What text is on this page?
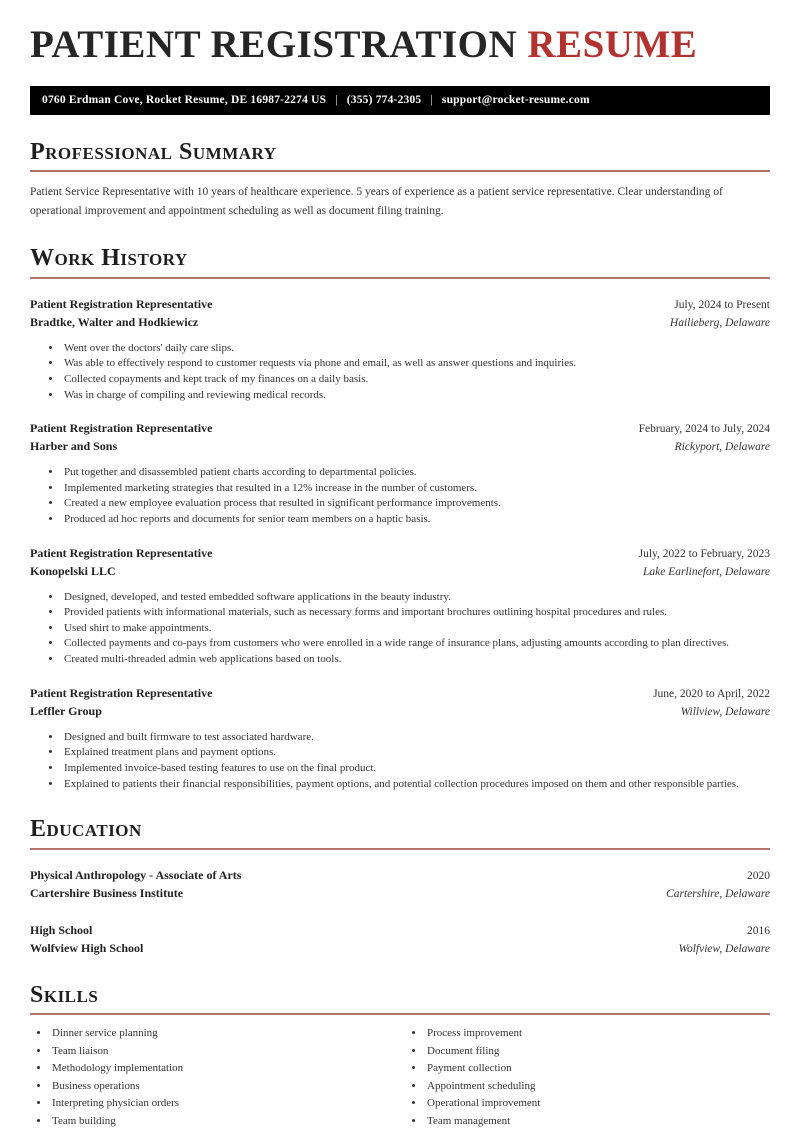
PATIENT REGISTRATION RESUME
0760 Erdman Cove, Rocket Resume, DE 16987-2274 US | (355) 774-2305 | support@rocket-resume.com
Professional Summary

Patient Service Representative with 10 years of healthcare experience. 5 years of experience as a patient service representative. Clear understanding of operational improvement and appointment scheduling as well as document filing training.

Work History
Patient Registration Representative	July, 2024 to Present
Bradtke, Walter and Hodkiewicz	Hailieberg, Delaware
• Went over the doctors' daily care slips.
• Was able to effectively respond to customer requests via phone and email, as well as answer questions and inquiries.
• Collected copayments and kept track of my finances on a daily basis.
• Was in charge of compiling and reviewing medical records.
Patient Registration Representative	February, 2024 to July, 2024
Harber and Sons	Rickyport, Delaware
• Put together and disassembled patient charts according to departmental policies.
• Implemented marketing strategies that resulted in a 12% increase in the number of customers.
• Created a new employee evaluation process that resulted in significant performance improvements.
• Produced ad hoc reports and documents for senior team members on a haptic basis.
Patient Registration Representative	July, 2022 to February, 2023
Konopelski LLC	Lake Earlinefort, Delaware
• Designed, developed, and tested embedded software applications in the beauty industry.
• Provided patients with informational materials, such as necessary forms and important brochures outlining hospital procedures and rules.
• Used shirt to make appointments.
• Collected payments and co-pays from customers who were enrolled in a wide range of insurance plans, adjusting amounts according to plan directives.
• Created multi-threaded admin web applications based on tools.
Patient Registration Representative	June, 2020 to April, 2022
Leffler Group	Willview, Delaware
• Designed and built firmware to test associated hardware.
• Explained treatment plans and payment options.
• Implemented invoice-based testing features to use on the final product.
• Explained to patients their financial responsibilities, payment options, and potential collection procedures imposed on them and other responsible parties.
Education
Physical Anthropology - Associate of Arts	2020
Cartershire Business Institute	Cartershire, Delaware
High School	2016
Wolfview High School	Wolfview, Delaware
Skills
• Dinner service planning
• Team liaison
• Methodology implementation
• Business operations
• Interpreting physician orders
• Team building
• Process improvement
• Document filing
• Payment collection
• Appointment scheduling
• Operational improvement
• Team management
